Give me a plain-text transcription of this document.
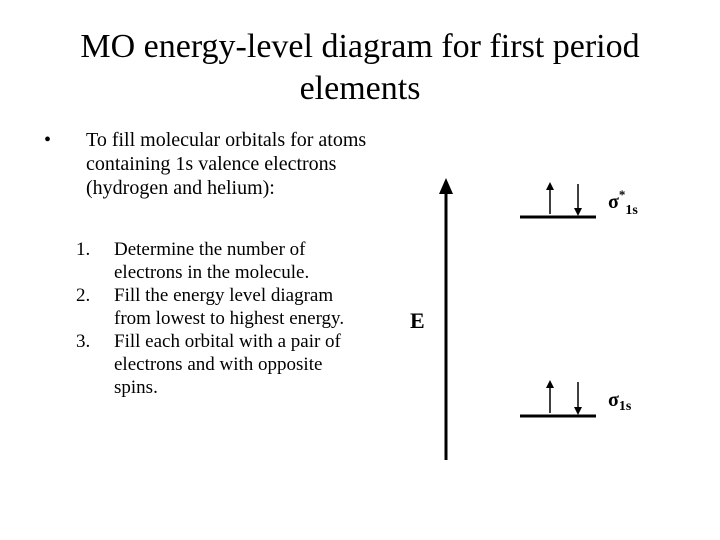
MO energy-level diagram for first period elements
• To fill molecular orbitals for atoms containing 1s valence electrons (hydrogen and helium):
1.	Determine the number of electrons in the molecule.
2.	Fill the energy level diagram from lowest to highest energy.
3.	Fill each orbital with a pair of electrons and with opposite spins.
E
$\sigma^*_{1s}$
$\sigma_{1s}$
